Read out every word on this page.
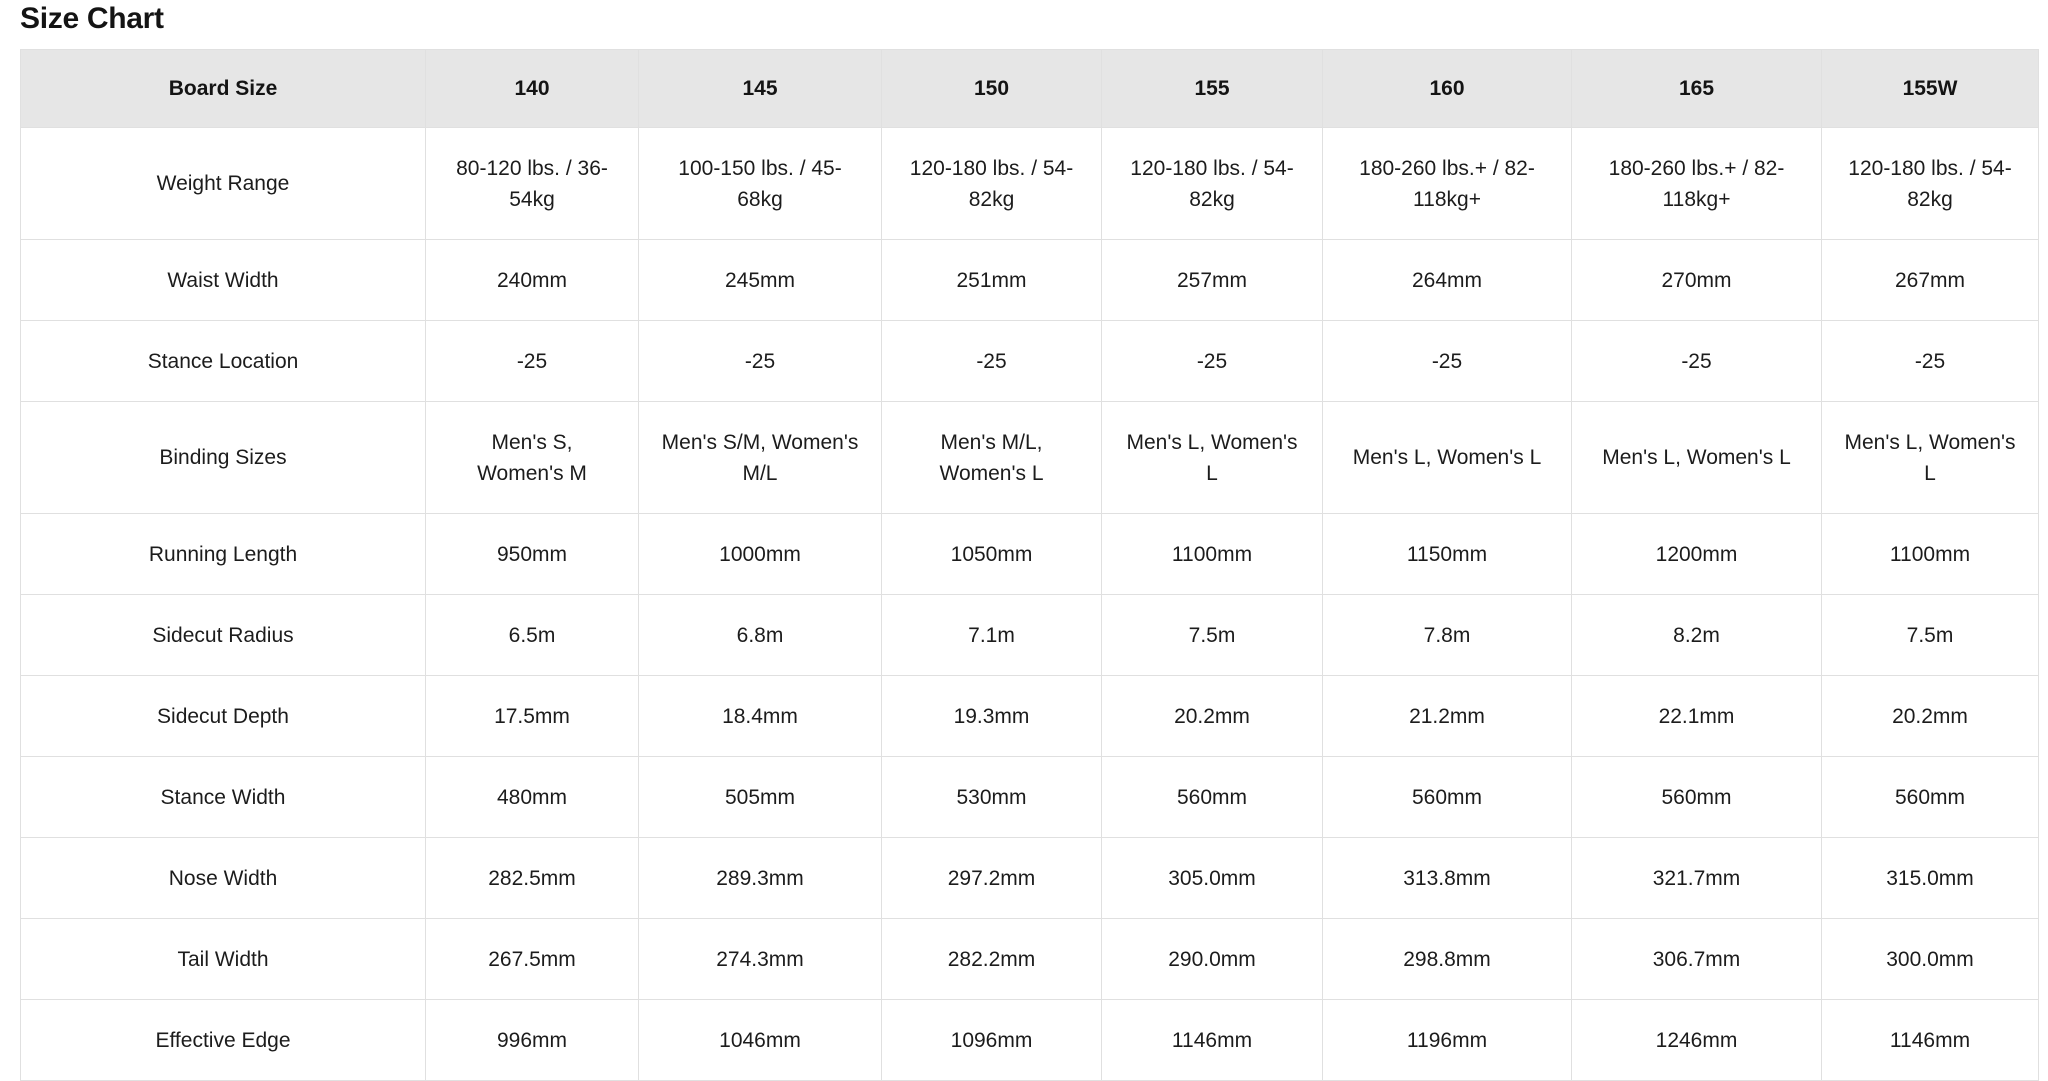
Size Chart
Board Size	140	145	150	155	160	165	155W
Weight Range	80-120 lbs. / 36-54kg	100-150 lbs. / 45-68kg	120-180 lbs. / 54-82kg	120-180 lbs. / 54-82kg	180-260 lbs.+ / 82-118kg+	180-260 lbs.+ / 82-118kg+	120-180 lbs. / 54-82kg
Waist Width	240mm	245mm	251mm	257mm	264mm	270mm	267mm
Stance Location	-25	-25	-25	-25	-25	-25	-25
Binding Sizes	Men's S, Women's M	Men's S/M, Women's M/L	Men's M/L, Women's L	Men's L, Women's L	Men's L, Women's L	Men's L, Women's L	Men's L, Women's L
Running Length	950mm	1000mm	1050mm	1100mm	1150mm	1200mm	1100mm
Sidecut Radius	6.5m	6.8m	7.1m	7.5m	7.8m	8.2m	7.5m
Sidecut Depth	17.5mm	18.4mm	19.3mm	20.2mm	21.2mm	22.1mm	20.2mm
Stance Width	480mm	505mm	530mm	560mm	560mm	560mm	560mm
Nose Width	282.5mm	289.3mm	297.2mm	305.0mm	313.8mm	321.7mm	315.0mm
Tail Width	267.5mm	274.3mm	282.2mm	290.0mm	298.8mm	306.7mm	300.0mm
Effective Edge	996mm	1046mm	1096mm	1146mm	1196mm	1246mm	1146mm
